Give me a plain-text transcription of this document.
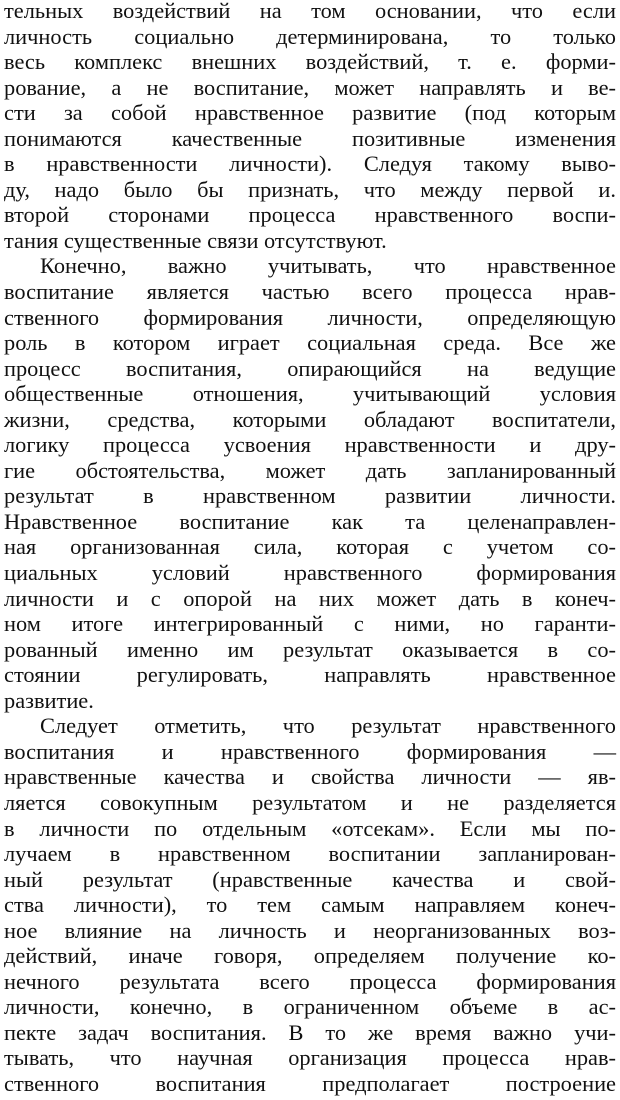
тельных воздействий на том основании, что если
личность социально детерминирована, то только
весь комплекс внешних воздействий, т. е. форми-
рование, а не воспитание, может направлять и ве-
сти за собой нравственное развитие (под которым
понимаются качественные позитивные изменения
в нравственности личности). Следуя такому выво-
ду, надо было бы признать, что между первой и.
второй сторонами процесса нравственного воспи-
тания существенные связи отсутствуют.
Конечно, важно учитывать, что нравственное
воспитание является частью всего процесса нрав-
ственного формирования личности, определяющую
роль в котором играет социальная среда. Все же
процесс воспитания, опирающийся на ведущие
общественные отношения, учитывающий условия
жизни, средства, которыми обладают воспитатели,
логику процесса усвоения нравственности и дру-
гие обстоятельства, может дать запланированный
результат в нравственном развитии личности.
Нравственное воспитание как та целенаправлен-
ная организованная сила, которая с учетом со-
циальных условий нравственного формирования
личности и с опорой на них может дать в конеч-
ном итоге интегрированный с ними, но гаранти-
рованный именно им результат оказывается в со-
стоянии регулировать, направлять нравственное
развитие.
Следует отметить, что результат нравственного
воспитания и нравственного формирования —
нравственные качества и свойства личности — яв-
ляется совокупным результатом и не разделяется
в личности по отдельным «отсекам». Если мы по-
лучаем в нравственном воспитании запланирован-
ный результат (нравственные качества и свой-
ства личности), то тем самым направляем конеч-
ное влияние на личность и неорганизованных воз-
действий, иначе говоря, определяем получение ко-
нечного результата всего процесса формирования
личности, конечно, в ограниченном объеме в ас-
пекте задач воспитания. В то же время важно учи-
тывать, что научная организация процесса нрав-
ственного воспитания предполагает построение
